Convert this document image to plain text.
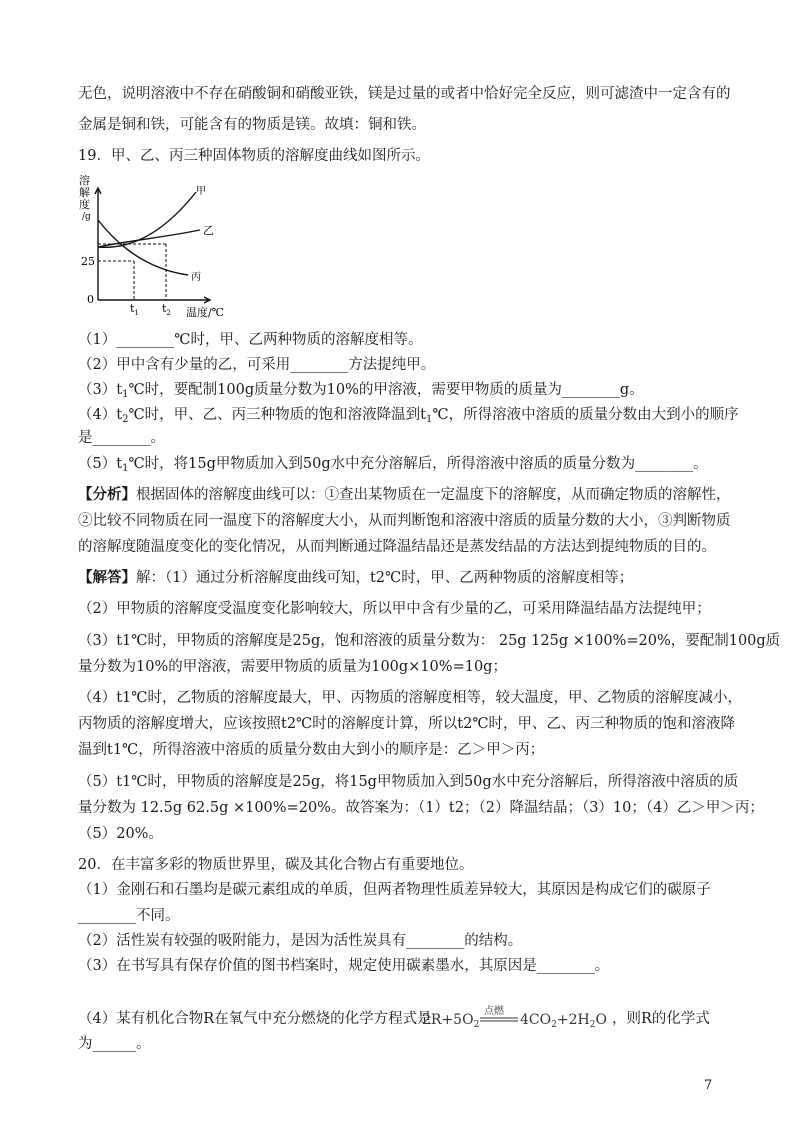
无色，说明溶液中不存在硝酸铜和硝酸亚铁，镁是过量的或者中恰好完全反应，则可滤渣中一定含有的
金属是铜和铁，可能含有的物质是镁。故填：铜和铁。
19．甲、乙、丙三种固体物质的溶解度曲线如图所示。
溶
解
度
/g
25
0
$t_1$ $t_2$ 温度/℃
甲
乙
丙
（1）________℃时，甲、乙两种物质的溶解度相等。
（2）甲中含有少量的乙，可采用________方法提纯甲。
$(3)t_1℃$时，要配制100g质量分数为10%的甲溶液，需要甲物质的质量为________g。
$(4)t_2℃$时，甲、乙、丙三种物质的饱和溶液降温到$t_1℃$，所得溶液中溶质的质量分数由大到小的顺序
是________。
$(5)t_1℃$时，将15g甲物质加入到50g水中充分溶解后，所得溶液中溶质的质量分数为________。
【分析】根据固体的溶解度曲线可以：①查出某物质在一定温度下的溶解度，从而确定物质的溶解性，
②比较不同物质在同一温度下的溶解度大小，从而判断饱和溶液中溶质的质量分数的大小，③判断物质
的溶解度随温度变化的变化情况，从而判断通过降温结晶还是蒸发结晶的方法达到提纯物质的目的。
【解答】解：（1）通过分析溶解度曲线可知，t2℃时，甲、乙两种物质的溶解度相等；
（2）甲物质的溶解度受温度变化影响较大，所以甲中含有少量的乙，可采用降温结晶方法提纯甲；
（3）t1℃时，甲物质的溶解度是25g，饱和溶液的质量分数为： 25g 125g ×100%=20%，要配制100g质
量分数为10%的甲溶液，需要甲物质的质量为100g×10%=10g；
（4）t1℃时，乙物质的溶解度最大，甲、丙物质的溶解度相等，较大温度，甲、乙物质的溶解度减小，
丙物质的溶解度增大，应该按照t2℃时的溶解度计算，所以t2℃时，甲、乙、丙三种物质的饱和溶液降
温到t1℃，所得溶液中溶质的质量分数由大到小的顺序是：乙＞甲＞丙；
（5）t1℃时，甲物质的溶解度是25g，将15g甲物质加入到50g水中充分溶解后，所得溶液中溶质的质
量分数为 12.5g 62.5g ×100%=20%。故答案为：（1）t2；（2）降温结晶；（3）10；（4）乙＞甲＞丙；
（5）20%。
20．在丰富多彩的物质世界里，碳及其化合物占有重要地位。
（1）金刚石和石墨均是碳元素组成的单质，但两者物理性质差异较大，其原因是构成它们的碳原子
________不同。
（2）活性炭有较强的吸附能力，是因为活性炭具有________的结构。
（3）在书写具有保存价值的图书档案时，规定使用碳素墨水，其原因是________。
（4）某有机化合物R在氧气中充分燃烧的化学方程式是
$2R+5O_2$
点燃
$4CO_2+2H_2O$ ，则R的化学式
为______。
7
